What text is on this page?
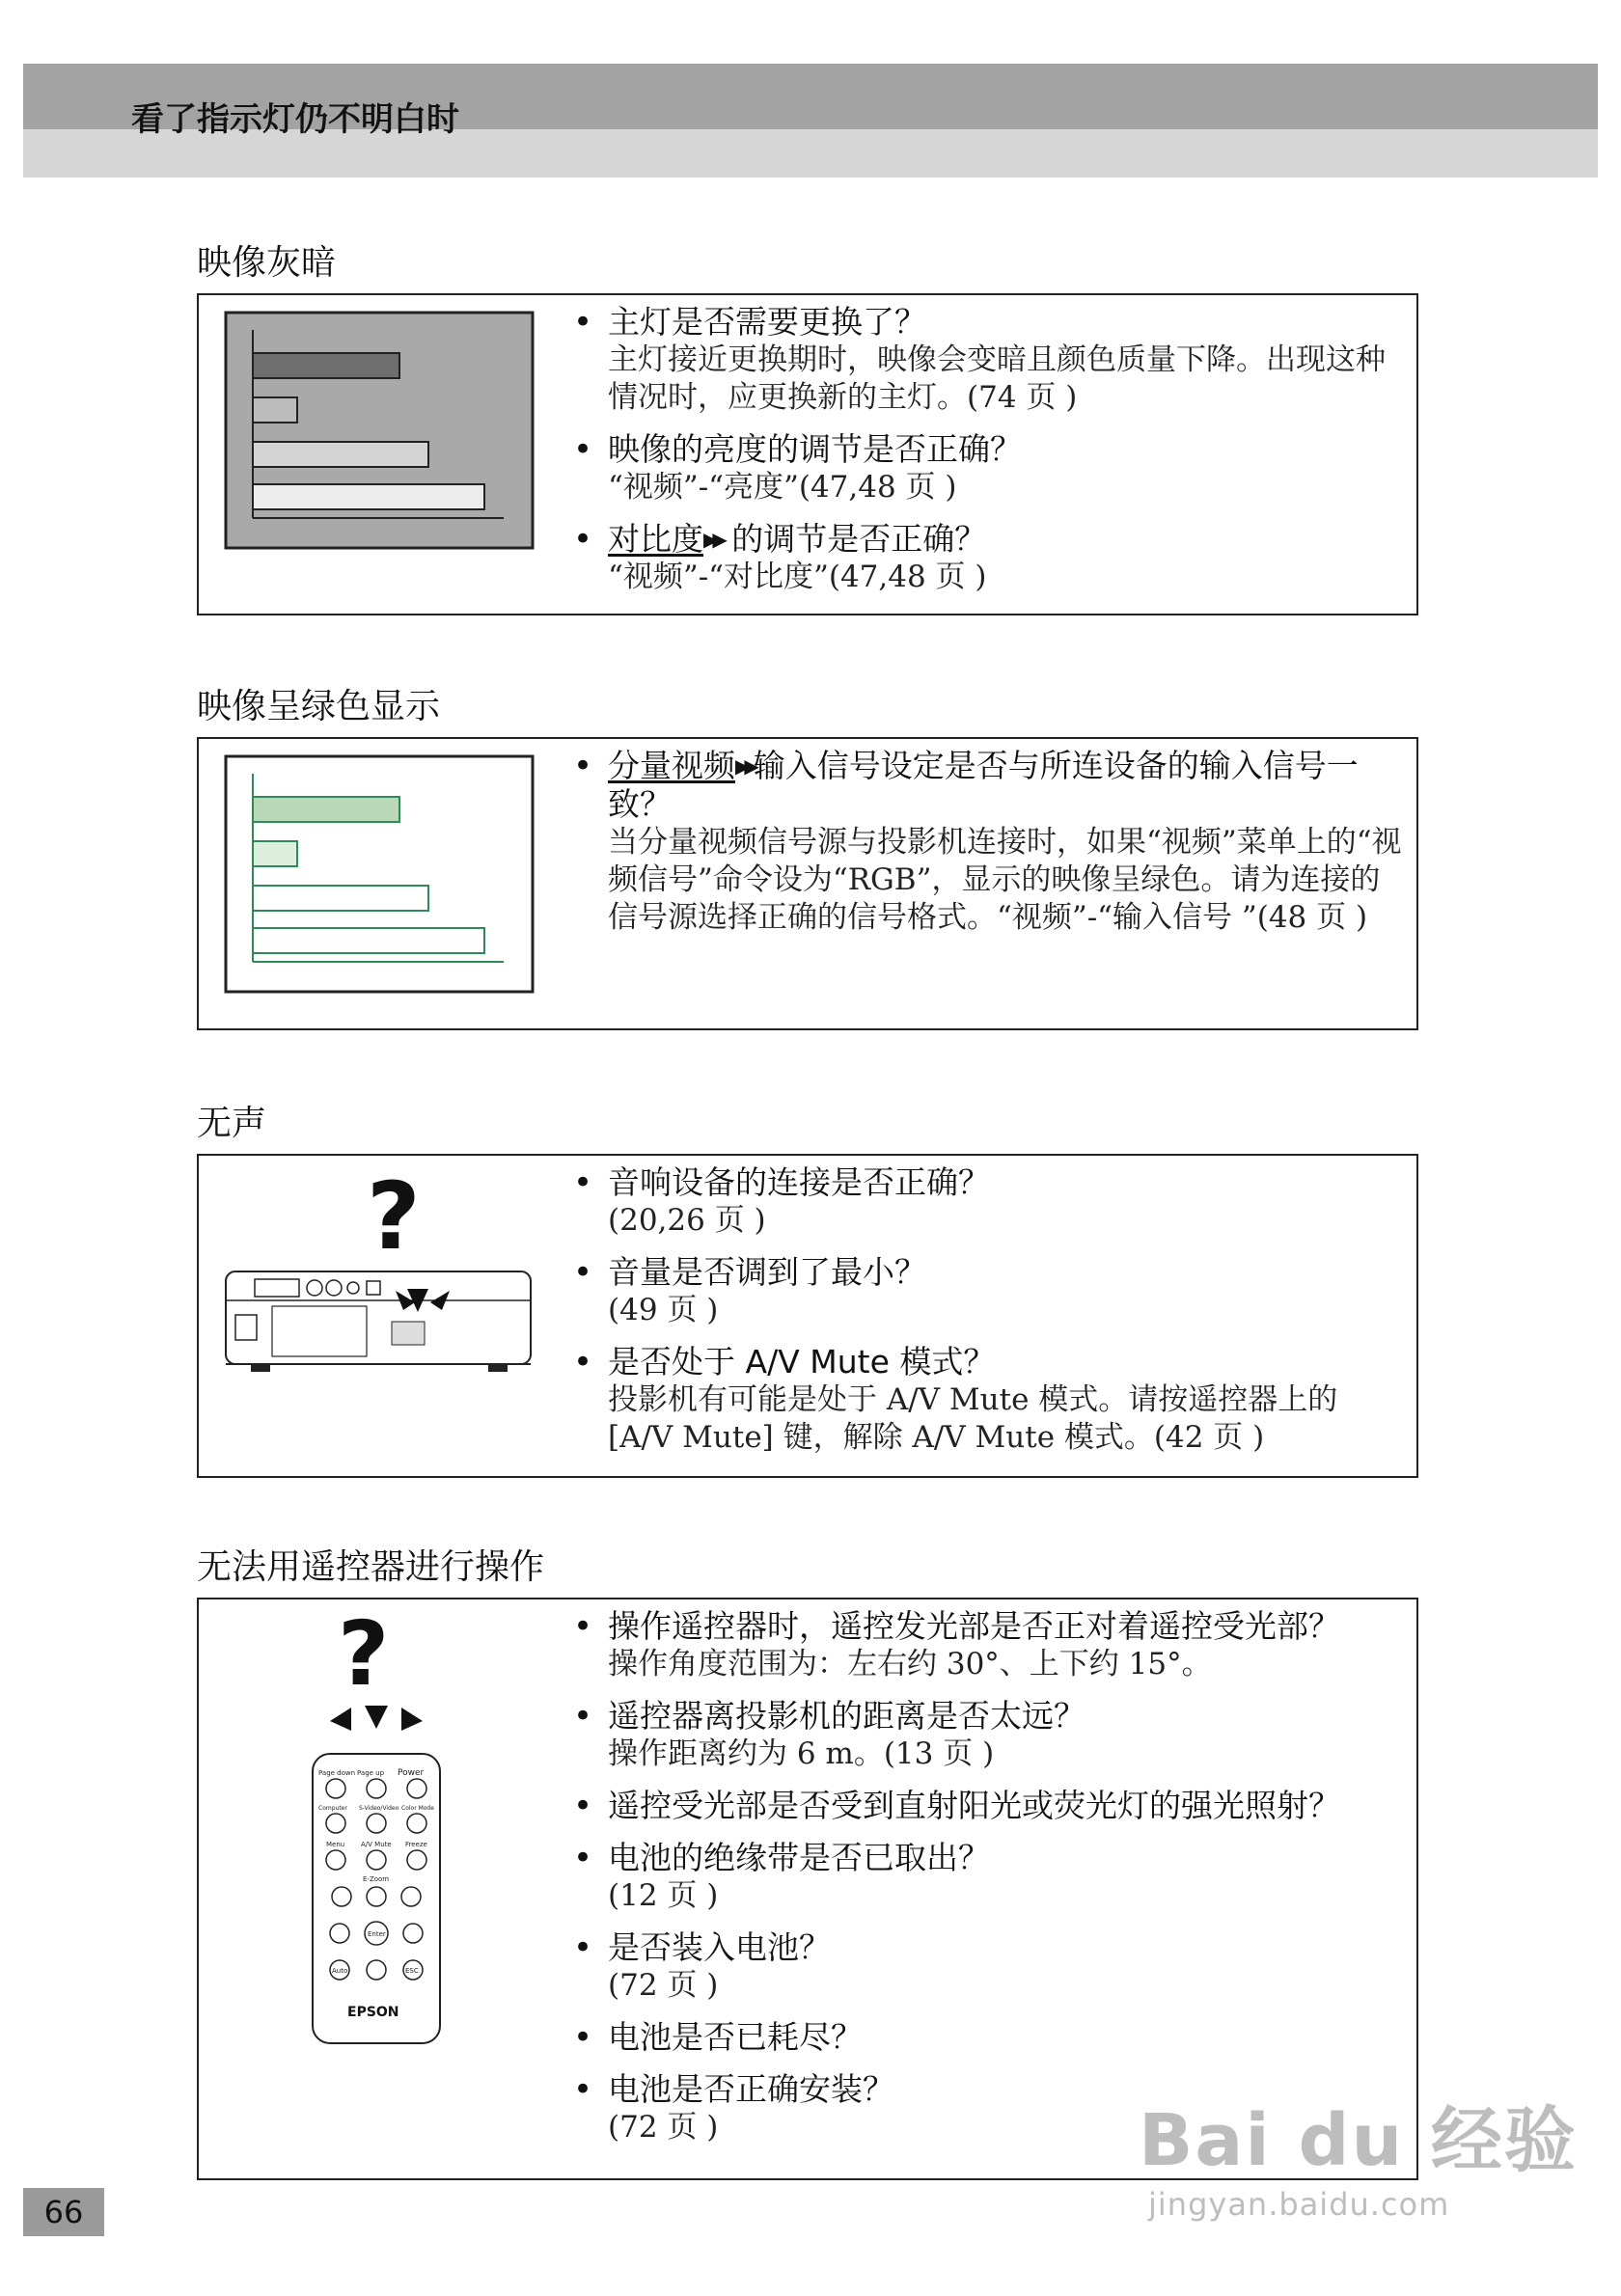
看了指示灯仍不明白时
映像灰暗
• 主灯是否需要更换了？
主灯接近更换期时，映像会变暗且颜色质量下降。出现这种情况时，应更换新的主灯。(74 页 )
• 映像的亮度的调节是否正确？
“视频”-“亮度”(47,48 页 )
• 对比度▶▶ 的调节是否正确？
“视频”-“对比度”(47,48 页 )
映像呈绿色显示
• 分量视频▶▶输入信号设定是否与所连设备的输入信号一致？
当分量视频信号源与投影机连接时，如果“视频”菜单上的“视频信号”命令设为“RGB”，显示的映像呈绿色。请为连接的信号源选择正确的信号格式。“视频”-“输入信号 ”(48 页 )
无声
?	• 音响设备的连接是否正确？
(20,26 页 )
• 音量是否调到了最小？
(49 页 )
• 是否处于 A/V Mute 模式？
投影机有可能是处于 A/V Mute 模式。请按遥控器上的 [A/V Mute] 键，解除 A/V Mute 模式。(42 页 )
无法用遥控器进行操作
?
Page down Page up Power
Computer S-Video/Video Color Mode
Menu A/V Mute Freeze
E-Zoom
Enter
Auto	ESC
EPSON
• 操作遥控器时，遥控发光部是否正对着遥控受光部？
操作角度范围为：左右约 30°、上下约 15°。
• 遥控器离投影机的距离是否太远？
操作距离约为 6 m。(13 页 )
• 遥控受光部是否受到直射阳光或荧光灯的强光照射？
• 电池的绝缘带是否已取出？
(12 页 )
• 是否装入电池？
(72 页 )
• 电池是否已耗尽？
• 电池是否正确安装？
(72 页 )
66
Bai du 经验
jingyan.baidu.com
